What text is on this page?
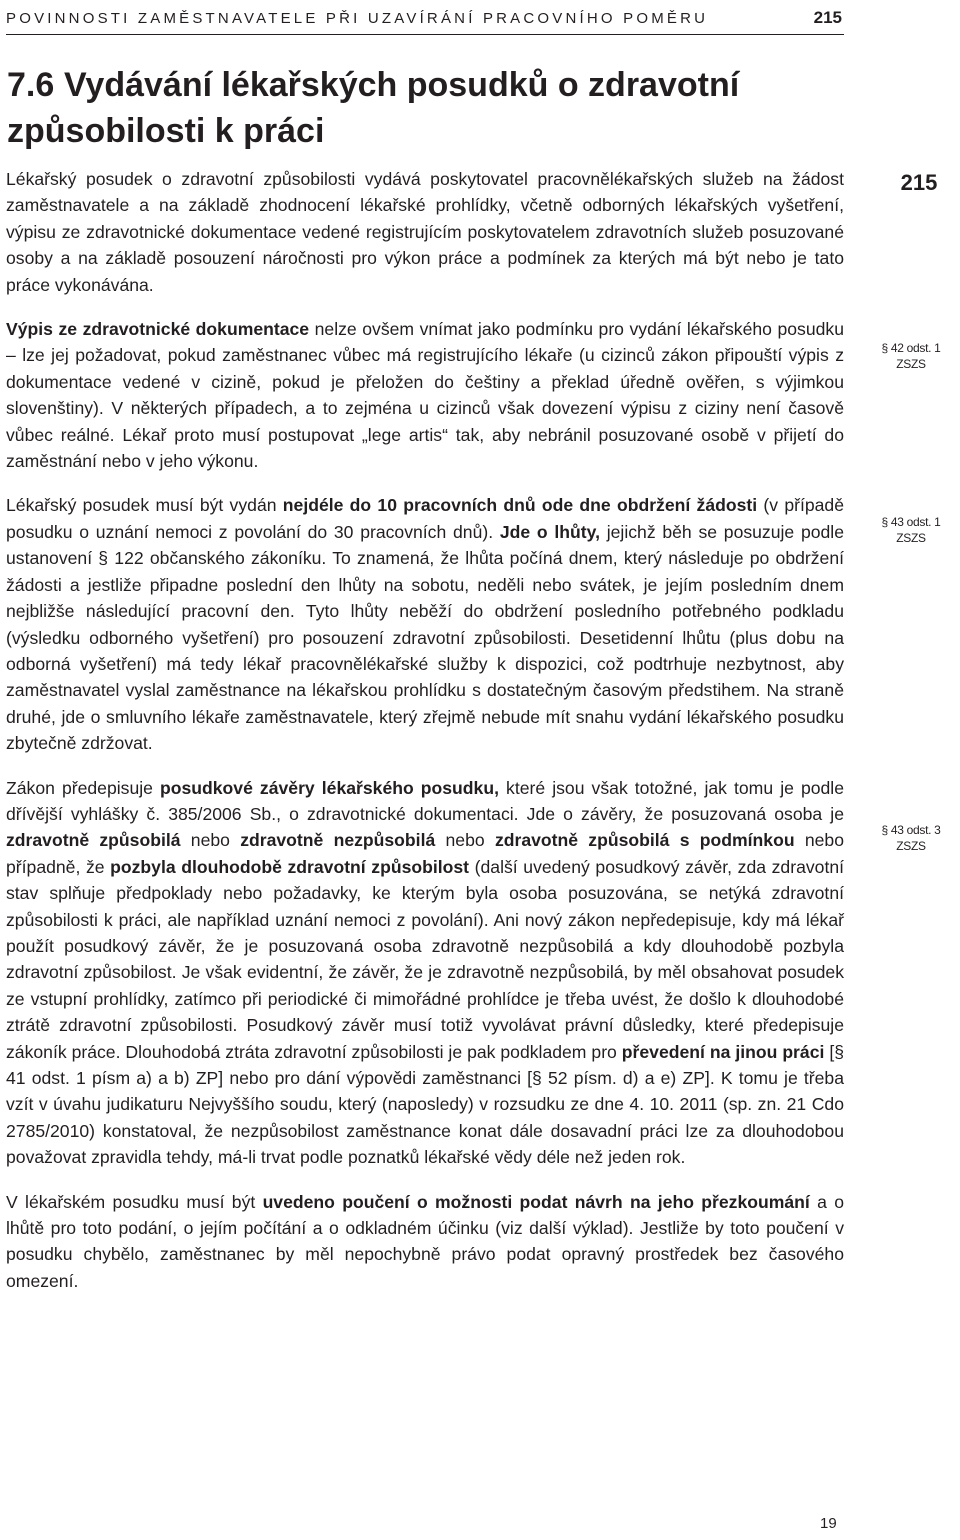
POVINNOSTI ZAMĚSTNAVATELE PŘI UZAVÍRÁNÍ PRACOVNÍHO POMĚRU	215
7.6 Vydávání lékařských posudků o zdravotní způsobilosti k práci
215
§ 42 odst. 1
ZSZS
§ 43 odst. 1
ZSZS
§ 43 odst. 3
ZSZS

Lékařský posudek o zdravotní způsobilosti vydává poskytovatel pracovnělékařských služeb na žádost zaměstnavatele a na základě zhodnocení lékařské prohlídky, včetně odborných lékařských vyšetření, výpisu ze zdravotnické dokumentace vedené registrujícím poskytovatelem zdravotních služeb posuzované osoby a na základě posouzení náročnosti pro výkon práce a podmínek za kterých má být nebo je tato práce vykonávána.

Výpis ze zdravotnické dokumentace nelze ovšem vnímat jako podmínku pro vydání lékařského posudku – lze jej požadovat, pokud zaměstnanec vůbec má registrujícího lékaře (u cizinců zákon připouští výpis z dokumentace vedené v cizině, pokud je přeložen do češtiny a překlad úředně ověřen, s výjimkou slovenštiny). V některých případech, a to zejména u cizinců však dovezení výpisu z ciziny není časově vůbec reálné. Lékař proto musí postupovat „lege artis“ tak, aby nebránil posuzované osobě v přijetí do zaměstnání nebo v jeho výkonu.

Lékařský posudek musí být vydán nejdéle do 10 pracovních dnů ode dne obdržení žádosti (v případě posudku o uznání nemoci z povolání do 30 pracovních dnů). Jde o lhůty, jejichž běh se posuzuje podle ustanovení § 122 občanského zákoníku. To znamená, že lhůta počíná dnem, který následuje po obdržení žádosti a jestliže připadne poslední den lhůty na sobotu, neděli nebo svátek, je jejím posledním dnem nejbližše následující pracovní den. Tyto lhůty neběží do obdržení posledního potřebného podkladu (výsledku odborného vyšetření) pro posouzení zdravotní způsobilosti. Desetidenní lhůtu (plus dobu na odborná vyšetření) má tedy lékař pracovnělékařské služby k dispozici, což podtrhuje nezbytnost, aby zaměstnavatel vyslal zaměstnance na lékařskou prohlídku s dostatečným časovým předstihem. Na straně druhé, jde o smluvního lékaře zaměstnavatele, který zřejmě nebude mít snahu vydání lékařského posudku zbytečně zdržovat.

Zákon předepisuje posudkové závěry lékařského posudku, které jsou však totožné, jak tomu je podle dřívější vyhlášky č. 385/2006 Sb., o zdravotnické dokumentaci. Jde o závěry, že posuzovaná osoba je zdravotně způsobilá nebo zdravotně nezpůsobilá nebo zdravotně způsobilá s podmínkou nebo případně, že pozbyla dlouhodobě zdravotní způsobilost (další uvedený posudkový závěr, zda zdravotní stav splňuje předpoklady nebo požadavky, ke kterým byla osoba posuzována, se netýká zdravotní způsobilosti k práci, ale například uznání nemoci z povolání). Ani nový zákon nepředepisuje, kdy má lékař použít posudkový závěr, že je posuzovaná osoba zdravotně nezpůsobilá a kdy dlouhodobě pozbyla zdravotní způsobilost. Je však evidentní, že závěr, že je zdravotně nezpůsobilá, by měl obsahovat posudek ze vstupní prohlídky, zatímco při periodické či mimořádné prohlídce je třeba uvést, že došlo k dlouhodobé ztrátě zdravotní způsobilosti. Posudkový závěr musí totiž vyvolávat právní důsledky, které předepisuje zákoník práce. Dlouhodobá ztráta zdravotní způsobilosti je pak podkladem pro převedení na jinou práci [§ 41 odst. 1 písm a) a b) ZP] nebo pro dání výpovědi zaměstnanci [§ 52 písm. d) a e) ZP]. K tomu je třeba vzít v úvahu judikaturu Nejvyššího soudu, který (naposledy) v rozsudku ze dne 4. 10. 2011 (sp. zn. 21 Cdo 2785/2010) konstatoval, že nezpůsobilost zaměstnance konat dále dosavadní práci lze za dlouhodobou považovat zpravidla tehdy, má-li trvat podle poznatků lékařské vědy déle než jeden rok.

V lékařském posudku musí být uvedeno poučení o možnosti podat návrh na jeho přezkoumání a o lhůtě pro toto podání, o jejím počítání a o odkladném účinku (viz další výklad). Jestliže by toto poučení v posudku chybělo, zaměstnanec by měl nepochybně právo podat opravný prostředek bez časového omezení.

19
